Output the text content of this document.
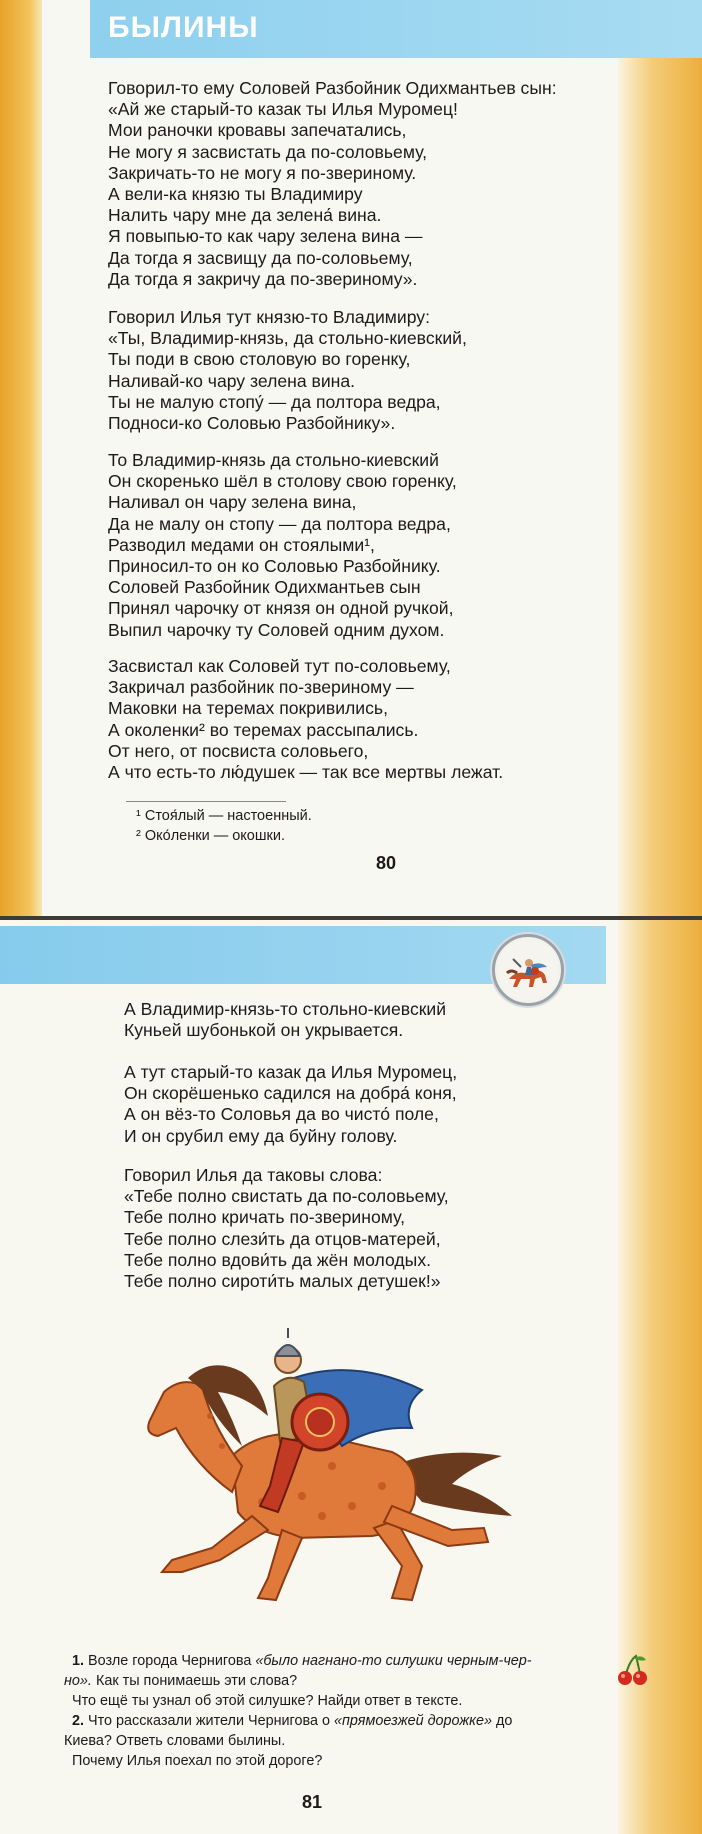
БЫЛИНЫ
Говорил-то ему Соловей Разбойник Одихмантьев сын:
«Ай же старый-то казак ты Илья Муромец!
Мои раночки кровавы запечатались,
Не могу я засвистать да по-соловьему,
Закричать-то не могу я по-звериному.
А вели-ка князю ты Владимиру
Налить чару мне да зелена́ вина.
Я повыпью-то как чару зелена вина —
Да тогда я засвищу да по-соловьему,
Да тогда я закричу да по-звериному».
Говорил Илья тут князю-то Владимиру:
«Ты, Владимир-князь, да стольно-киевский,
Ты поди в свою столовую во горенку,
Наливай-ко чару зелена вина.
Ты не малую стопу́ — да полтора ведра,
Подноси-ко Соловью Разбойнику».
То Владимир-князь да стольно-киевский
Он скоренько шёл в столову свою горенку,
Наливал он чару зелена вина,
Да не малу он стопу — да полтора ведра,
Разводил медами он стоялыми¹,
Приносил-то он ко Соловью Разбойнику.
Соловей Разбойник Одихмантьев сын
Принял чарочку от князя он одной ручкой,
Выпил чарочку ту Соловей одним духом.
Засвистал как Соловей тут по-соловьему,
Закричал разбойник по-звериному —
Маковки на теремах покривились,
А околенки² во теремах рассыпались.
От него, от посвиста соловьего,
А что есть-то лю́душек — так все мертвы лежат.
¹ Стоя́лый — настоенный.
² Око́ленки — окошки.
80
А Владимир-князь-то стольно-киевский
Куньей шубонькой он укрывается.
А тут старый-то казак да Илья Муромец,
Он скорёшенько садился на добра́ коня,
А он вёз-то Соловья да во чисто́ поле,
И он срубил ему да буйну голову.
Говорил Илья да таковы слова:
«Тебе полно свистать да по-соловьему,
Тебе полно кричать по-звериному,
Тебе полно слези́ть да отцов-матерей,
Тебе полно вдови́ть да жён молодых.
Тебе полно сироти́ть малых детушек!»
1. Возле города Чернигова «было нагнано-то силушки черным-чер-
но». Как ты понимаешь эти слова?
Что ещё ты узнал об этой силушке? Найди ответ в тексте.
2. Что рассказали жители Чернигова о «прямоезжей дорожке» до
Киева? Ответь словами былины.
Почему Илья поехал по этой дороге?
81
